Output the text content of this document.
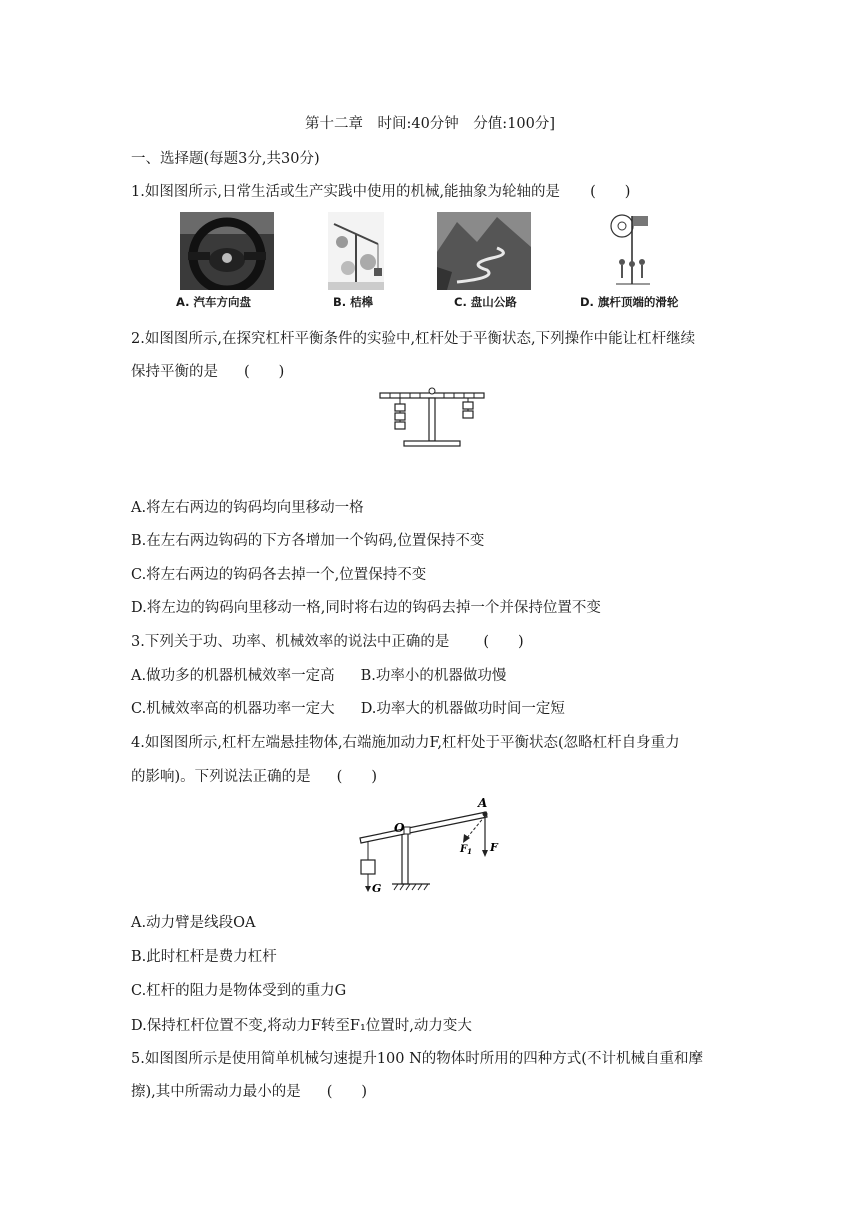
第十二章　时间:40分钟　分值:100分]
一、选择题(每题3分,共30分)
1.如图图所示,日常生活或生产实践中使用的机械,能抽象为轮轴的是 (　　)
A. 汽车方向盘	B. 桔槔	C. 盘山公路	D. 旗杆顶端的滑轮
2.如图图所示,在探究杠杆平衡条件的实验中,杠杆处于平衡状态,下列操作中能让杠杆继续
保持平衡的是 (　　)
A.将左右两边的钩码均向里移动一格
B.在左右两边钩码的下方各增加一个钩码,位置保持不变
C.将左右两边的钩码各去掉一个,位置保持不变
D.将左边的钩码向里移动一格,同时将右边的钩码去掉一个并保持位置不变
3.下列关于功、功率、机械效率的说法中正确的是 (　　)
A.做功多的机器机械效率一定高 B.功率小的机器做功慢
C.机械效率高的机器功率一定大 D.功率大的机器做功时间一定短
4.如图图所示,杠杆左端悬挂物体,右端施加动力F,杠杆处于平衡状态(忽略杠杆自身重力
的影响)。下列说法正确的是 (　　)
O
G
A
F
$F_1$
A.动力臂是线段OA
B.此时杠杆是费力杠杆
C.杠杆的阻力是物体受到的重力G
D.保持杠杆位置不变,将动力F转至F₁位置时,动力变大
5.如图图所示是使用简单机械匀速提升100 N的物体时所用的四种方式(不计机械自重和摩
擦),其中所需动力最小的是 (　　)
